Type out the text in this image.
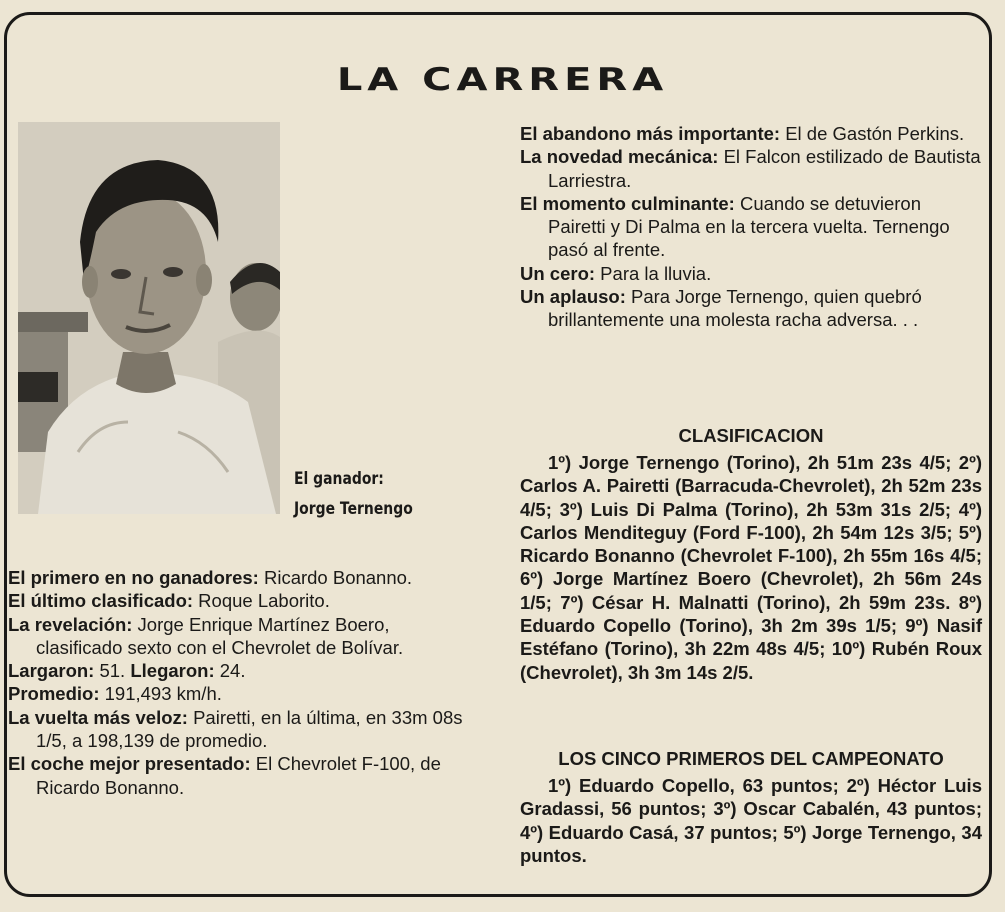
LA CARRERA
El ganador:
Jorge Ternengo

El primero en no ganadores: Ricardo Bonanno.

El último clasificado: Roque Laborito.

La revelación: Jorge Enrique Martínez Boero, clasificado sexto con el Chevrolet de Bolívar.

Largaron: 51. Llegaron: 24.

Promedio: 191,493 km/h.

La vuelta más veloz: Pairetti, en la última, en 33m 08s 1/5, a 198,139 de promedio.

El coche mejor presentado: El Chevrolet F-100, de Ricardo Bonanno.

El abandono más importante: El de Gastón Perkins.

La novedad mecánica: El Falcon estilizado de Bautista Larriestra.

El momento culminante: Cuando se detuvieron Pairetti y Di Palma en la tercera vuelta. Ternengo pasó al frente.

Un cero: Para la lluvia.

Un aplauso: Para Jorge Ternengo, quien quebró brillantemente una molesta racha adversa. . .

CLASIFICACION

1º) Jorge Ternengo (Torino), 2h 51m 23s 4/5; 2º) Carlos A. Pairetti (Barracuda-Chevrolet), 2h 52m 23s 4/5; 3º) Luis Di Palma (Torino), 2h 53m 31s 2/5; 4º) Carlos Menditeguy (Ford F-100), 2h 54m 12s 3/5; 5º) Ricardo Bonanno (Chevrolet F-100), 2h 55m 16s 4/5; 6º) Jorge Martínez Boero (Chevrolet), 2h 56m 24s 1/5; 7º) César H. Malnatti (Torino), 2h 59m 23s. 8º) Eduardo Copello (Torino), 3h 2m 39s 1/5; 9º) Nasif Estéfano (Torino), 3h 22m 48s 4/5; 10º) Rubén Roux (Chevrolet), 3h 3m 14s 2/5.

LOS CINCO PRIMEROS DEL CAMPEONATO

1º) Eduardo Copello, 63 puntos; 2º) Héctor Luis Gradassi, 56 puntos; 3º) Oscar Cabalén, 43 puntos; 4º) Eduardo Casá, 37 puntos; 5º) Jorge Ternengo, 34 puntos.
